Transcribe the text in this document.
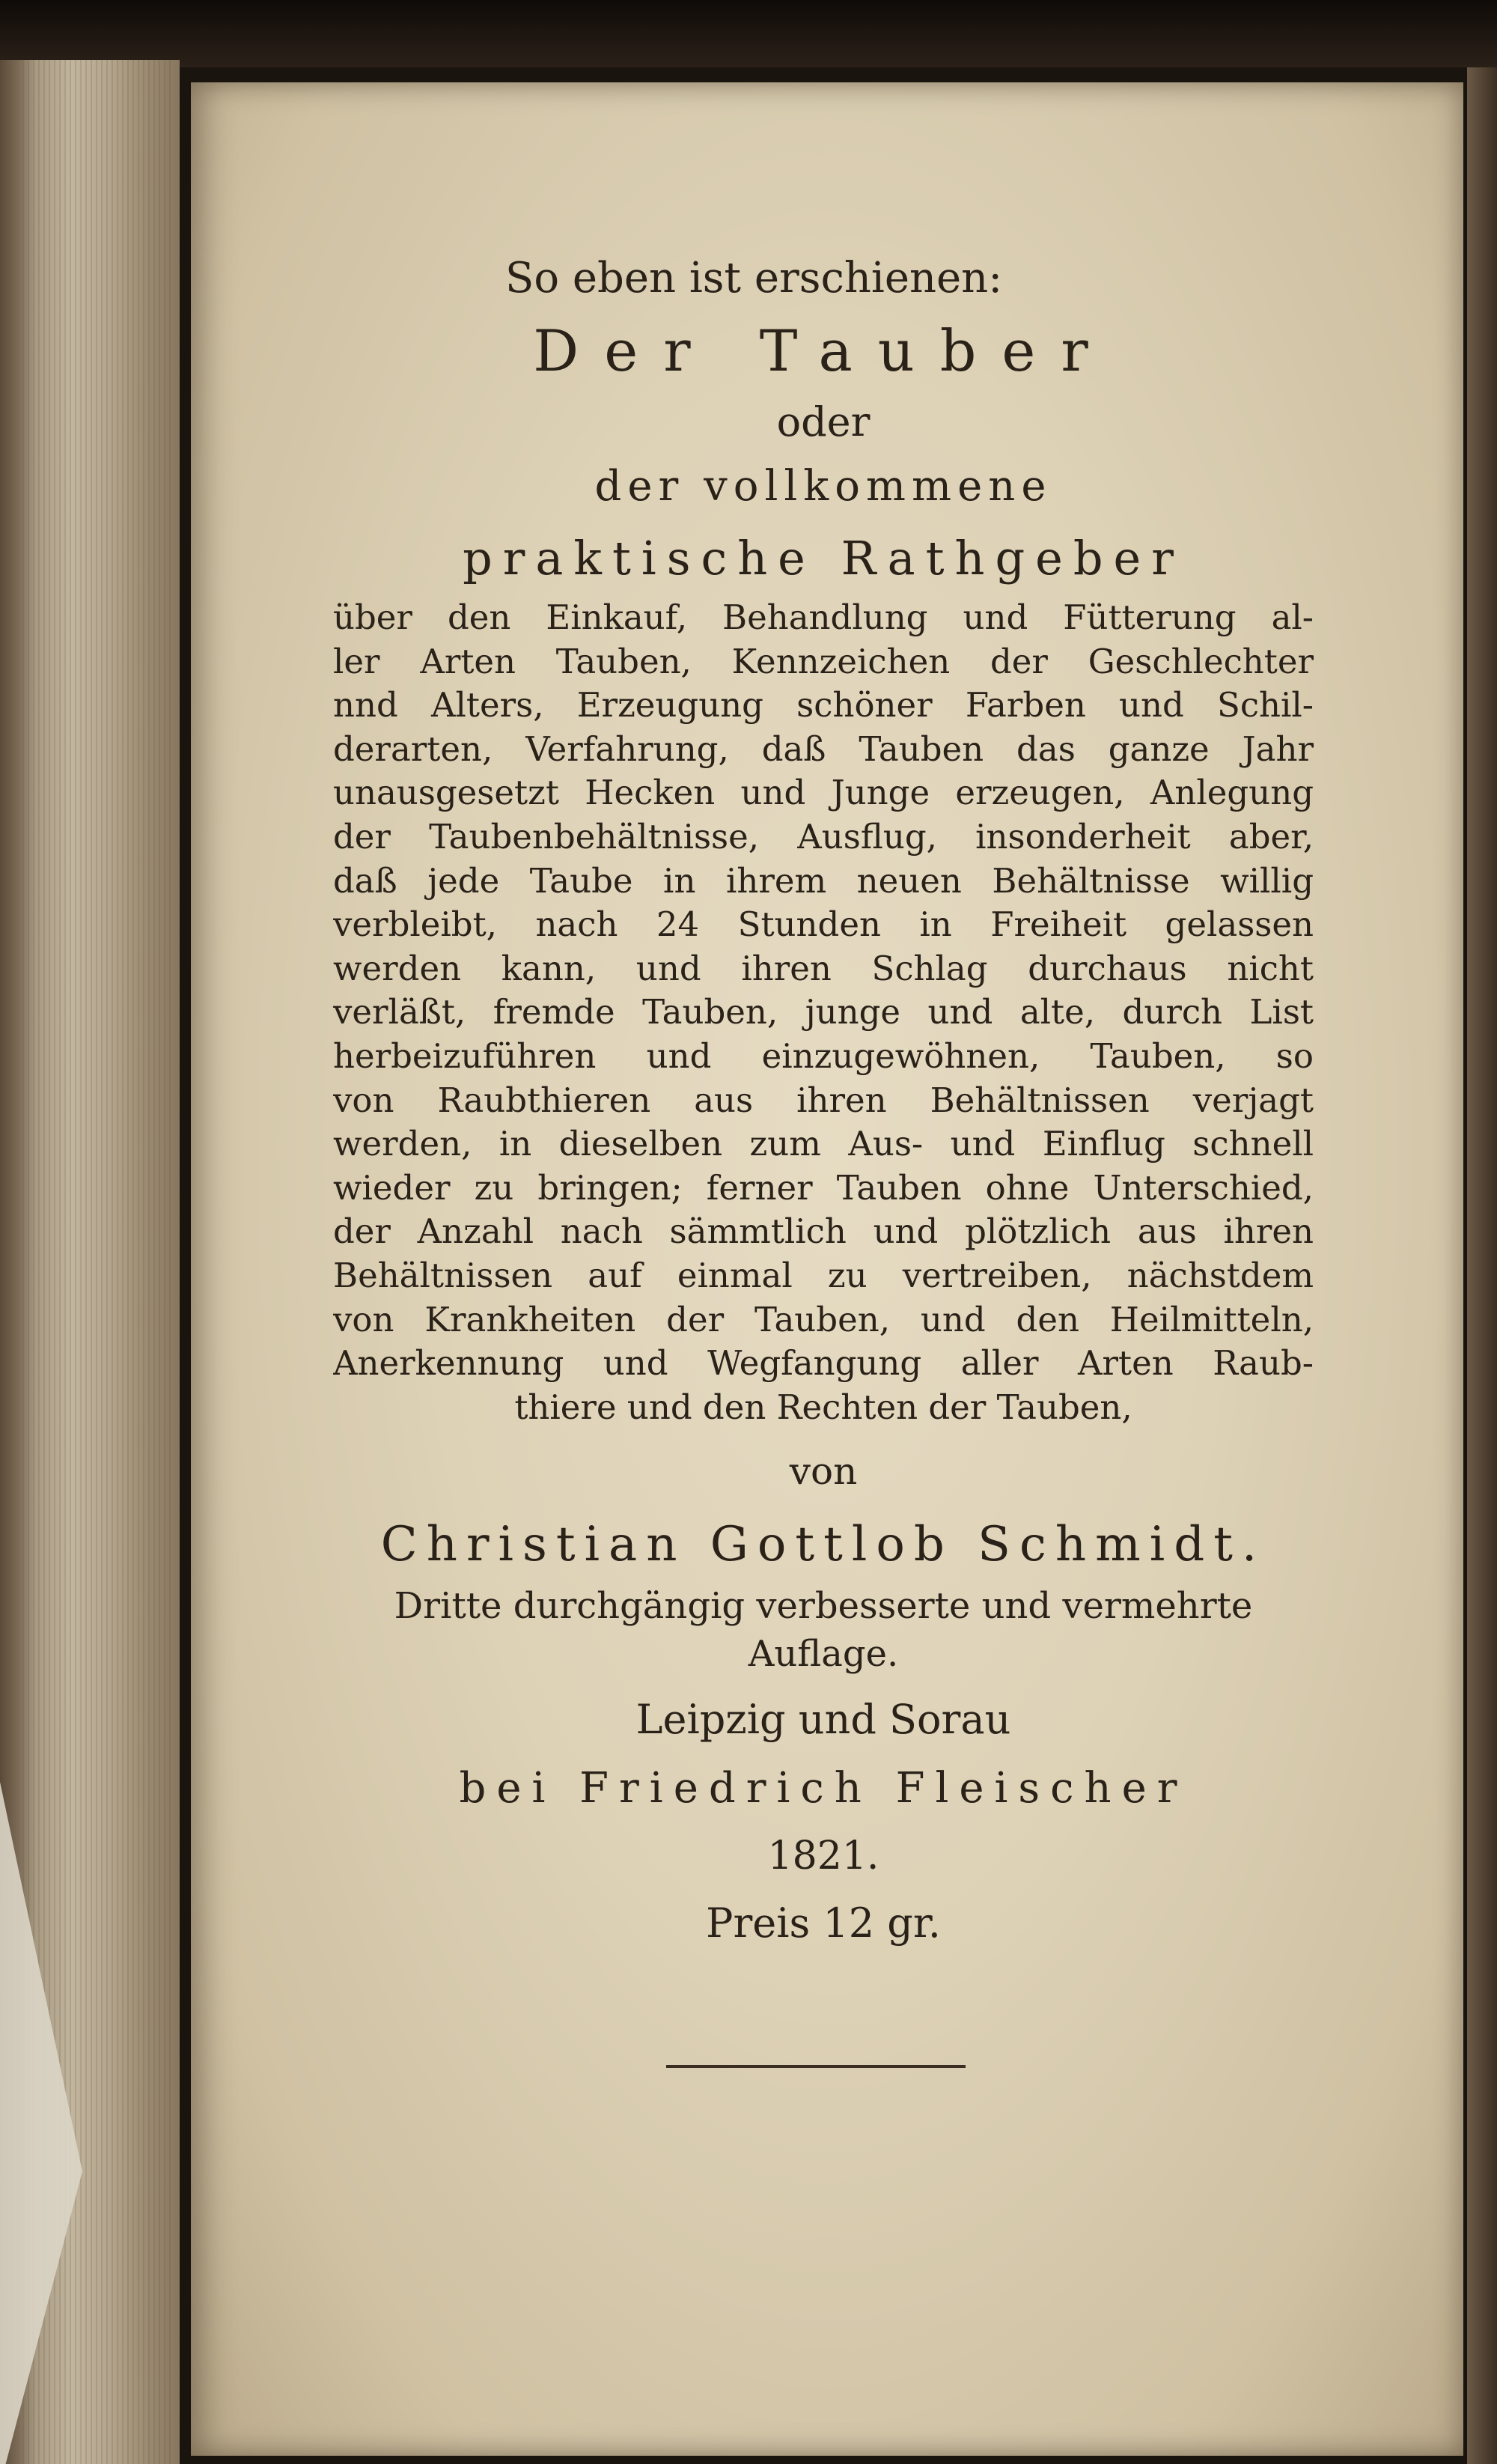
So eben ist erschienen:
Der Tauber
oder
der vollkommene
praktische Rathgeber
über den Einkauf, Behandlung und Fütterung al-
ler Arten Tauben, Kennzeichen der Geschlechter
nnd Alters, Erzeugung schöner Farben und Schil-
derarten, Verfahrung, daß Tauben das ganze Jahr
unausgesetzt Hecken und Junge erzeugen, Anlegung
der Taubenbehältnisse, Ausflug, insonderheit aber,
daß jede Taube in ihrem neuen Behältnisse willig
verbleibt, nach 24 Stunden in Freiheit gelassen
werden kann, und ihren Schlag durchaus nicht
verläßt, fremde Tauben, junge und alte, durch List
herbeizuführen und einzugewöhnen, Tauben, so
von Raubthieren aus ihren Behältnissen verjagt
werden, in dieselben zum Aus- und Einflug schnell
wieder zu bringen; ferner Tauben ohne Unterschied,
der Anzahl nach sämmtlich und plötzlich aus ihren
Behältnissen auf einmal zu vertreiben, nächstdem
von Krankheiten der Tauben, und den Heilmitteln,
Anerkennung und Wegfangung aller Arten Raub-
thiere und den Rechten der Tauben,
von
Christian Gottlob Schmidt.
Dritte durchgängig verbesserte und vermehrte
Auflage.
Leipzig und Sorau
bei Friedrich Fleischer
1821.
Preis 12 gr.
